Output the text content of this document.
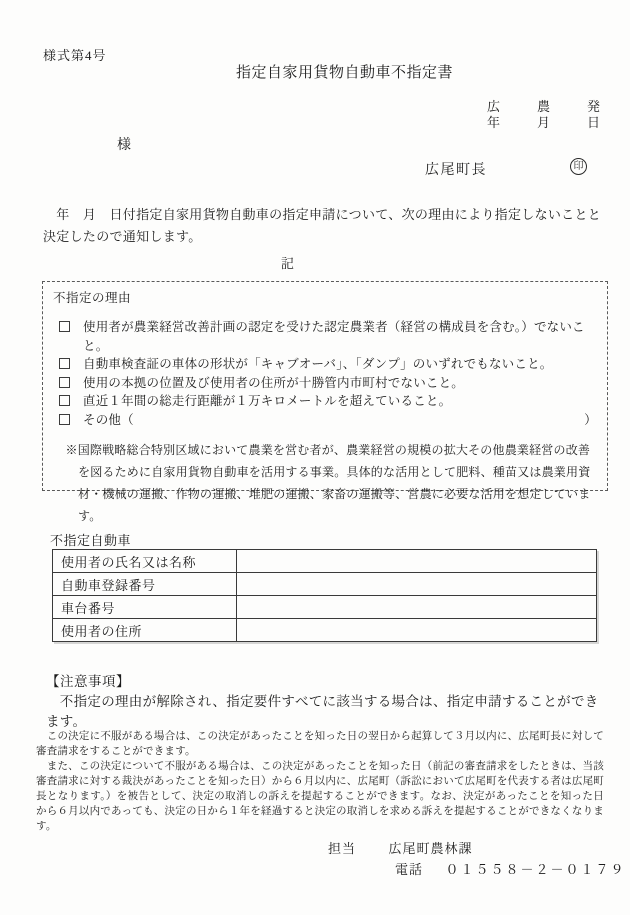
様式第4号
指定自家用貨物自動車不指定書
広	農	発
年	月	日
様
広尾町長	印
　年　月　日付指定自家用貨物自動車の指定申請について、次の理由により指定しないことと決定したので通知します。
記
不指定の理由
使用者が農業経営改善計画の認定を受けた認定農業者（経営の構成員を含む。）でないこと。
自動車検査証の車体の形状が「キャブオーバ」、「ダンプ」のいずれでもないこと。
使用の本拠の位置及び使用者の住所が十勝管内市町村でないこと。
直近１年間の総走行距離が１万キロメートルを超えていること。
その他（	）
※国際戦略総合特別区域において農業を営む者が、農業経営の規模の拡大その他農業経営の改善を図るために自家用貨物自動車を活用する事業。具体的な活用として肥料、種苗又は農業用資材・機械の運搬、作物の運搬、堆肥の運搬、家畜の運搬等、営農に必要な活用を想定しています。
不指定自動車
使用者の氏名又は名称	
自動車登録番号	
車台番号	
使用者の住所	
【注意事項】
　不指定の理由が解除され、指定要件すべてに該当する場合は、指定申請することができます。
　この決定に不服がある場合は、この決定があったことを知った日の翌日から起算して３月以内に、広尾町長に対して審査請求をすることができます。
　また、この決定について不服がある場合は、この決定があったことを知った日（前記の審査請求をしたときは、当該審査請求に対する裁決があったことを知った日）から６月以内に、広尾町（訴訟において広尾町を代表する者は広尾町長となります。）を被告として、決定の取消しの訴えを提起することができます。なお、決定があったことを知った日から６月以内であっても、決定の日から１年を経過すると決定の取消しを求める訴えを提起することができなくなります。
担当	広尾町農林課
電話 ０１５５８－２－０１７９
